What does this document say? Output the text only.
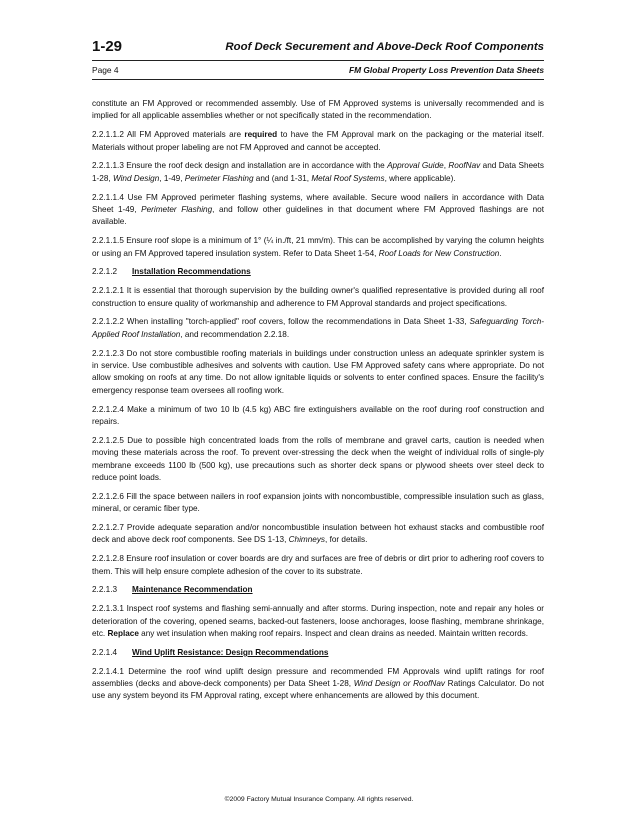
1-29	Roof Deck Securement and Above-Deck Roof Components
Page 4	FM Global Property Loss Prevention Data Sheets

constitute an FM Approved or recommended assembly. Use of FM Approved systems is universally recommended and is implied for all applicable assemblies whether or not specifically stated in the recommendation.

2.2.1.1.2 All FM Approved materials are required to have the FM Approval mark on the packaging or the material itself. Materials without proper labeling are not FM Approved and cannot be accepted.

2.2.1.1.3 Ensure the roof deck design and installation are in accordance with the Approval Guide, RoofNav and Data Sheets 1-28, Wind Design, 1-49, Perimeter Flashing and (and 1-31, Metal Roof Systems, where applicable).

2.2.1.1.4 Use FM Approved perimeter flashing systems, where available. Secure wood nailers in accordance with Data Sheet 1-49, Perimeter Flashing, and follow other guidelines in that document where FM Approved flashings are not available.

2.2.1.1.5 Ensure roof slope is a minimum of 1° (¼ in./ft, 21 mm/m). This can be accomplished by varying the column heights or using an FM Approved tapered insulation system. Refer to Data Sheet 1-54, Roof Loads for New Construction.

2.2.1.2 Installation Recommendations

2.2.1.2.1 It is essential that thorough supervision by the building owner's qualified representative is provided during all roof construction to ensure quality of workmanship and adherence to FM Approval standards and project specifications.

2.2.1.2.2 When installing "torch-applied" roof covers, follow the recommendations in Data Sheet 1-33, Safeguarding Torch-Applied Roof Installation, and recommendation 2.2.18.

2.2.1.2.3 Do not store combustible roofing materials in buildings under construction unless an adequate sprinkler system is in service. Use combustible adhesives and solvents with caution. Use FM Approved safety cans where appropriate. Do not allow smoking on roofs at any time. Do not allow ignitable liquids or solvents to enter confined spaces. Ensure the facility's emergency response team oversees all roofing work.

2.2.1.2.4 Make a minimum of two 10 lb (4.5 kg) ABC fire extinguishers available on the roof during roof construction and repairs.

2.2.1.2.5 Due to possible high concentrated loads from the rolls of membrane and gravel carts, caution is needed when moving these materials across the roof. To prevent over-stressing the deck when the weight of individual rolls of single-ply membrane exceeds 1100 lb (500 kg), use precautions such as shorter deck spans or plywood sheets over steel deck to reduce point loads.

2.2.1.2.6 Fill the space between nailers in roof expansion joints with noncombustible, compressible insulation such as glass, mineral, or ceramic fiber type.

2.2.1.2.7 Provide adequate separation and/or noncombustible insulation between hot exhaust stacks and combustible roof deck and above deck roof components. See DS 1-13, Chimneys, for details.

2.2.1.2.8 Ensure roof insulation or cover boards are dry and surfaces are free of debris or dirt prior to adhering roof covers to them. This will help ensure complete adhesion of the cover to its substrate.

2.2.1.3 Maintenance Recommendation

2.2.1.3.1 Inspect roof systems and flashing semi-annually and after storms. During inspection, note and repair any holes or deterioration of the covering, opened seams, backed-out fasteners, loose anchorages, loose flashing, membrane shrinkage, etc. Replace any wet insulation when making roof repairs. Inspect and clean drains as needed. Maintain written records.

2.2.1.4 Wind Uplift Resistance: Design Recommendations

2.2.1.4.1 Determine the roof wind uplift design pressure and recommended FM Approvals wind uplift ratings for roof assemblies (decks and above-deck components) per Data Sheet 1-28, Wind Design or RoofNav Ratings Calculator. Do not use any system beyond its FM Approval rating, except where enhancements are allowed by this document.

©2009 Factory Mutual Insurance Company. All rights reserved.
